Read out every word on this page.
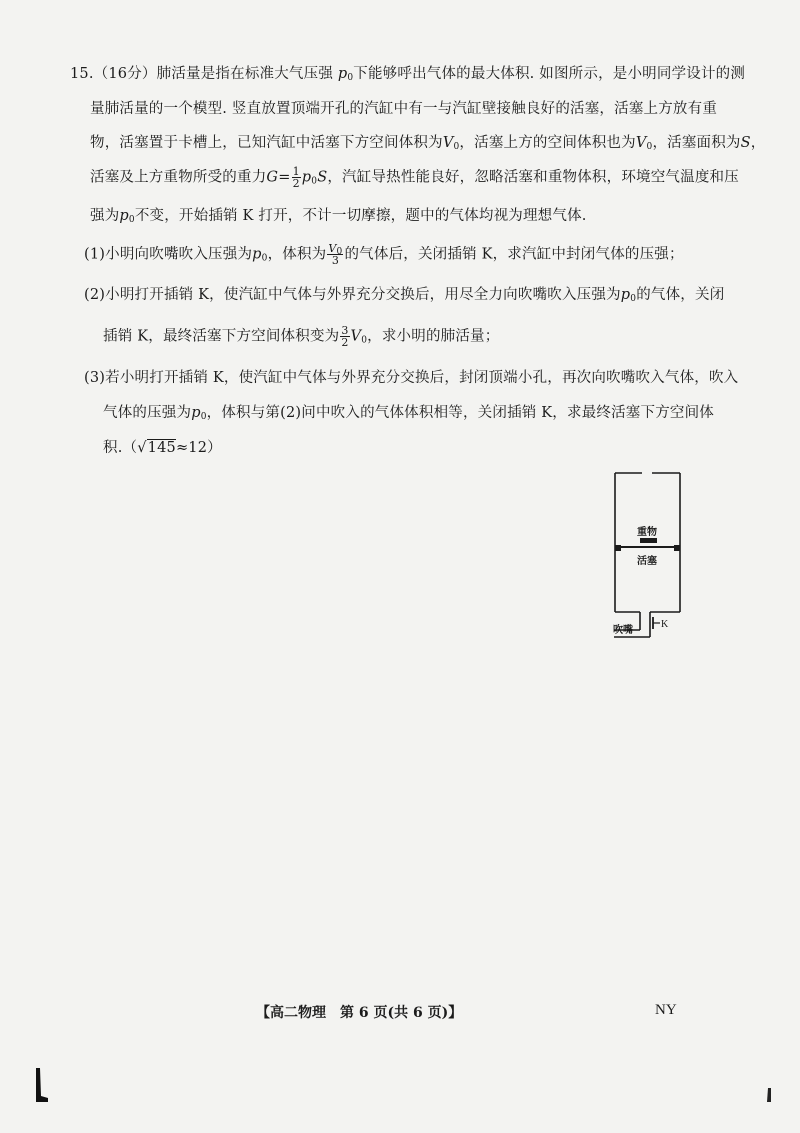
15.（16分）肺活量是指在标准大气压强 $p_0$下能够呼出气体的最大体积. 如图所示，是小明同学设计的测
量肺活量的一个模型. 竖直放置顶端开孔的汽缸中有一与汽缸壁接触良好的活塞，活塞上方放有重
物，活塞置于卡槽上，已知汽缸中活塞下方空间体积为$V_0$，活塞上方的空间体积也为$V_0$，活塞面积为S，
活塞及上方重物所受的重力$G= \frac{1}{2} p_0S$，汽缸导热性能良好，忽略活塞和重物体积，环境空气温度和压
强为$p_0$不变，开始插销 K 打开，不计一切摩擦，题中的气体均视为理想气体.
(1)小明向吹嘴吹入压强为$p_0$，体积为 $\frac{V_0}{3}$ 的气体后，关闭插销 K，求汽缸中封闭气体的压强；
(2)小明打开插销 K，使汽缸中气体与外界充分交换后，用尽全力向吹嘴吹入压强为$p_0$的气体，关闭
插销 K，最终活塞下方空间体积变为 $\frac{3}{2} V_0$，求小明的肺活量；
(3)若小明打开插销 K，使汽缸中气体与外界充分交换后，封闭顶端小孔，再次向吹嘴吹入气体，吹入
气体的压强为$p_0$，体积与第(2)问中吹入的气体体积相等，关闭插销 K，求最终活塞下方空间体
积.（√145≈12）
重物
活塞
吹嘴
K
【高二物理　第 6 页(共 6 页)】	NY
